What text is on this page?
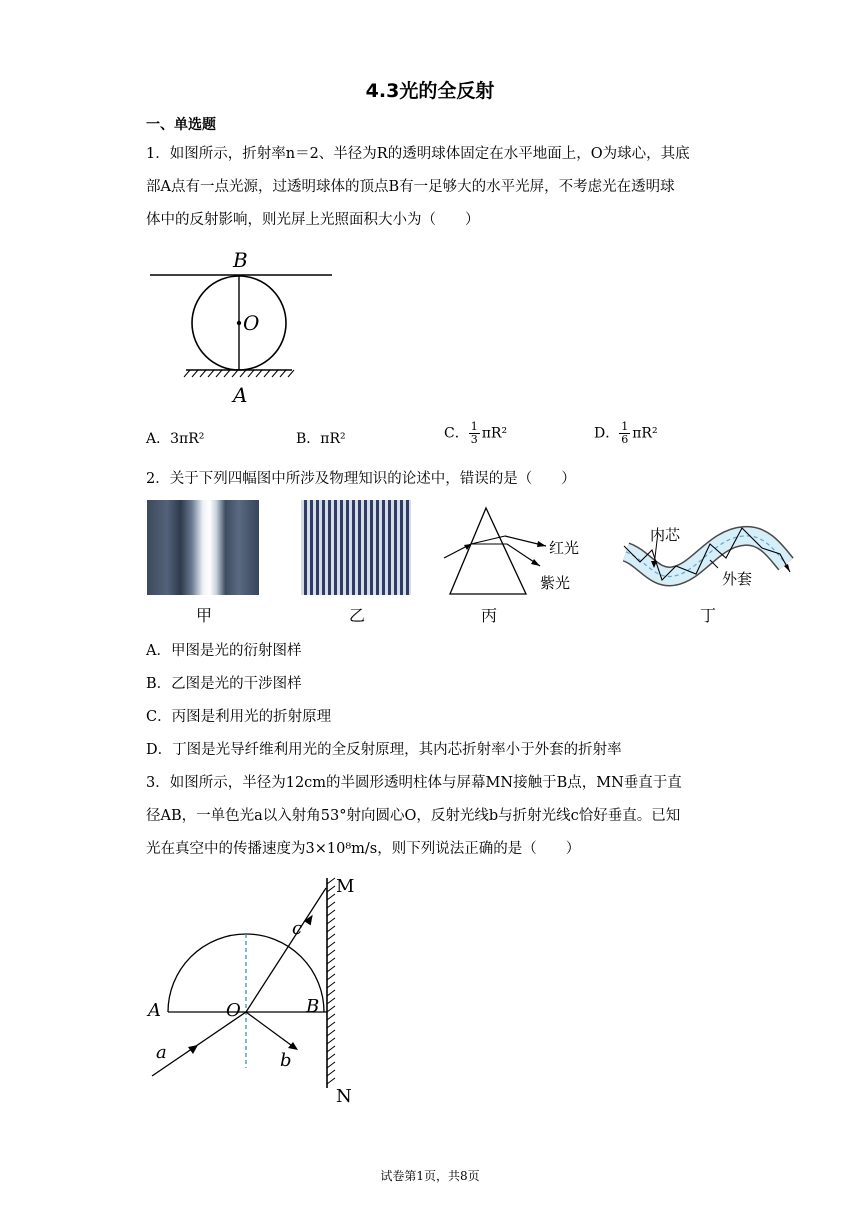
4.3光的全反射
一、单选题
1．如图所示，折射率n＝2、半径为R的透明球体固定在水平地面上，O为球心，其底
部A点有一点光源，过透明球体的顶点B有一足够大的水平光屏，不考虑光在透明球
体中的反射影响，则光屏上光照面积大小为（　　）
B
O
A
A．3πR²	B．πR²	C． $\frac{1}{3} \pi R^2$	D． $\frac{1}{6} \pi R^2$
2．关于下列四幅图中所涉及物理知识的论述中，错误的是（　　）
红光
紫光
内芯
外套
甲	乙	丙	丁
A．甲图是光的衍射图样
B．乙图是光的干涉图样
C．丙图是利用光的折射原理
D．丁图是光导纤维利用光的全反射原理，其内芯折射率小于外套的折射率
3．如图所示，半径为12cm的半圆形透明柱体与屏幕MN接触于B点，MN垂直于直
径AB，一单色光a以入射角53°射向圆心O，反射光线b与折射光线c恰好垂直。已知
光在真空中的传播速度为3×10⁸m/s，则下列说法正确的是（　　）
M
N
A	O	B
a	b
c
试卷第1页，共8页
